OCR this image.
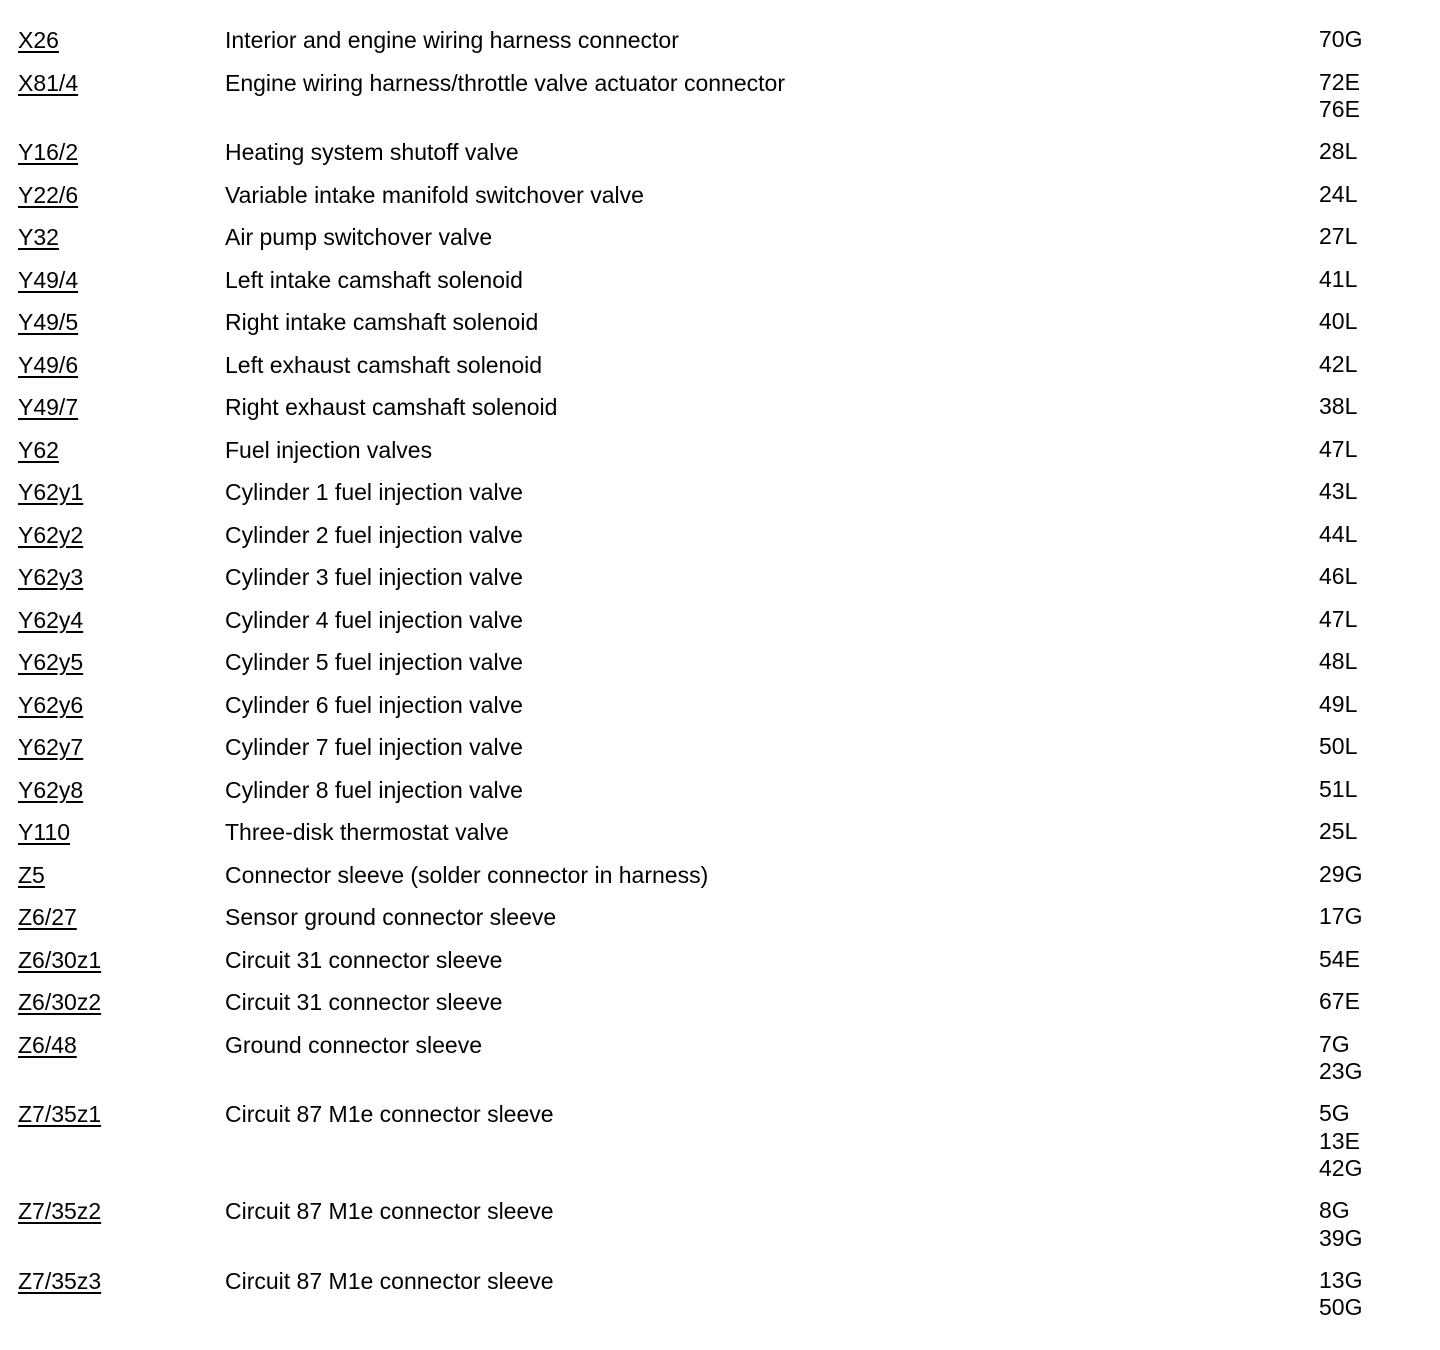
X26	Interior and engine wiring harness connector	70G
X81/4	Engine wiring harness/throttle valve actuator connector	72E
76E
Y16/2	Heating system shutoff valve	28L
Y22/6	Variable intake manifold switchover valve	24L
Y32	Air pump switchover valve	27L
Y49/4	Left intake camshaft solenoid	41L
Y49/5	Right intake camshaft solenoid	40L
Y49/6	Left exhaust camshaft solenoid	42L
Y49/7	Right exhaust camshaft solenoid	38L
Y62	Fuel injection valves	47L
Y62y1	Cylinder 1 fuel injection valve	43L
Y62y2	Cylinder 2 fuel injection valve	44L
Y62y3	Cylinder 3 fuel injection valve	46L
Y62y4	Cylinder 4 fuel injection valve	47L
Y62y5	Cylinder 5 fuel injection valve	48L
Y62y6	Cylinder 6 fuel injection valve	49L
Y62y7	Cylinder 7 fuel injection valve	50L
Y62y8	Cylinder 8 fuel injection valve	51L
Y110	Three-disk thermostat valve	25L
Z5	Connector sleeve (solder connector in harness)	29G
Z6/27	Sensor ground connector sleeve	17G
Z6/30z1	Circuit 31 connector sleeve	54E
Z6/30z2	Circuit 31 connector sleeve	67E
Z6/48	Ground connector sleeve	7G
23G
Z7/35z1	Circuit 87 M1e connector sleeve	5G
13E
42G
Z7/35z2	Circuit 87 M1e connector sleeve	8G
39G
Z7/35z3	Circuit 87 M1e connector sleeve	13G
50G
